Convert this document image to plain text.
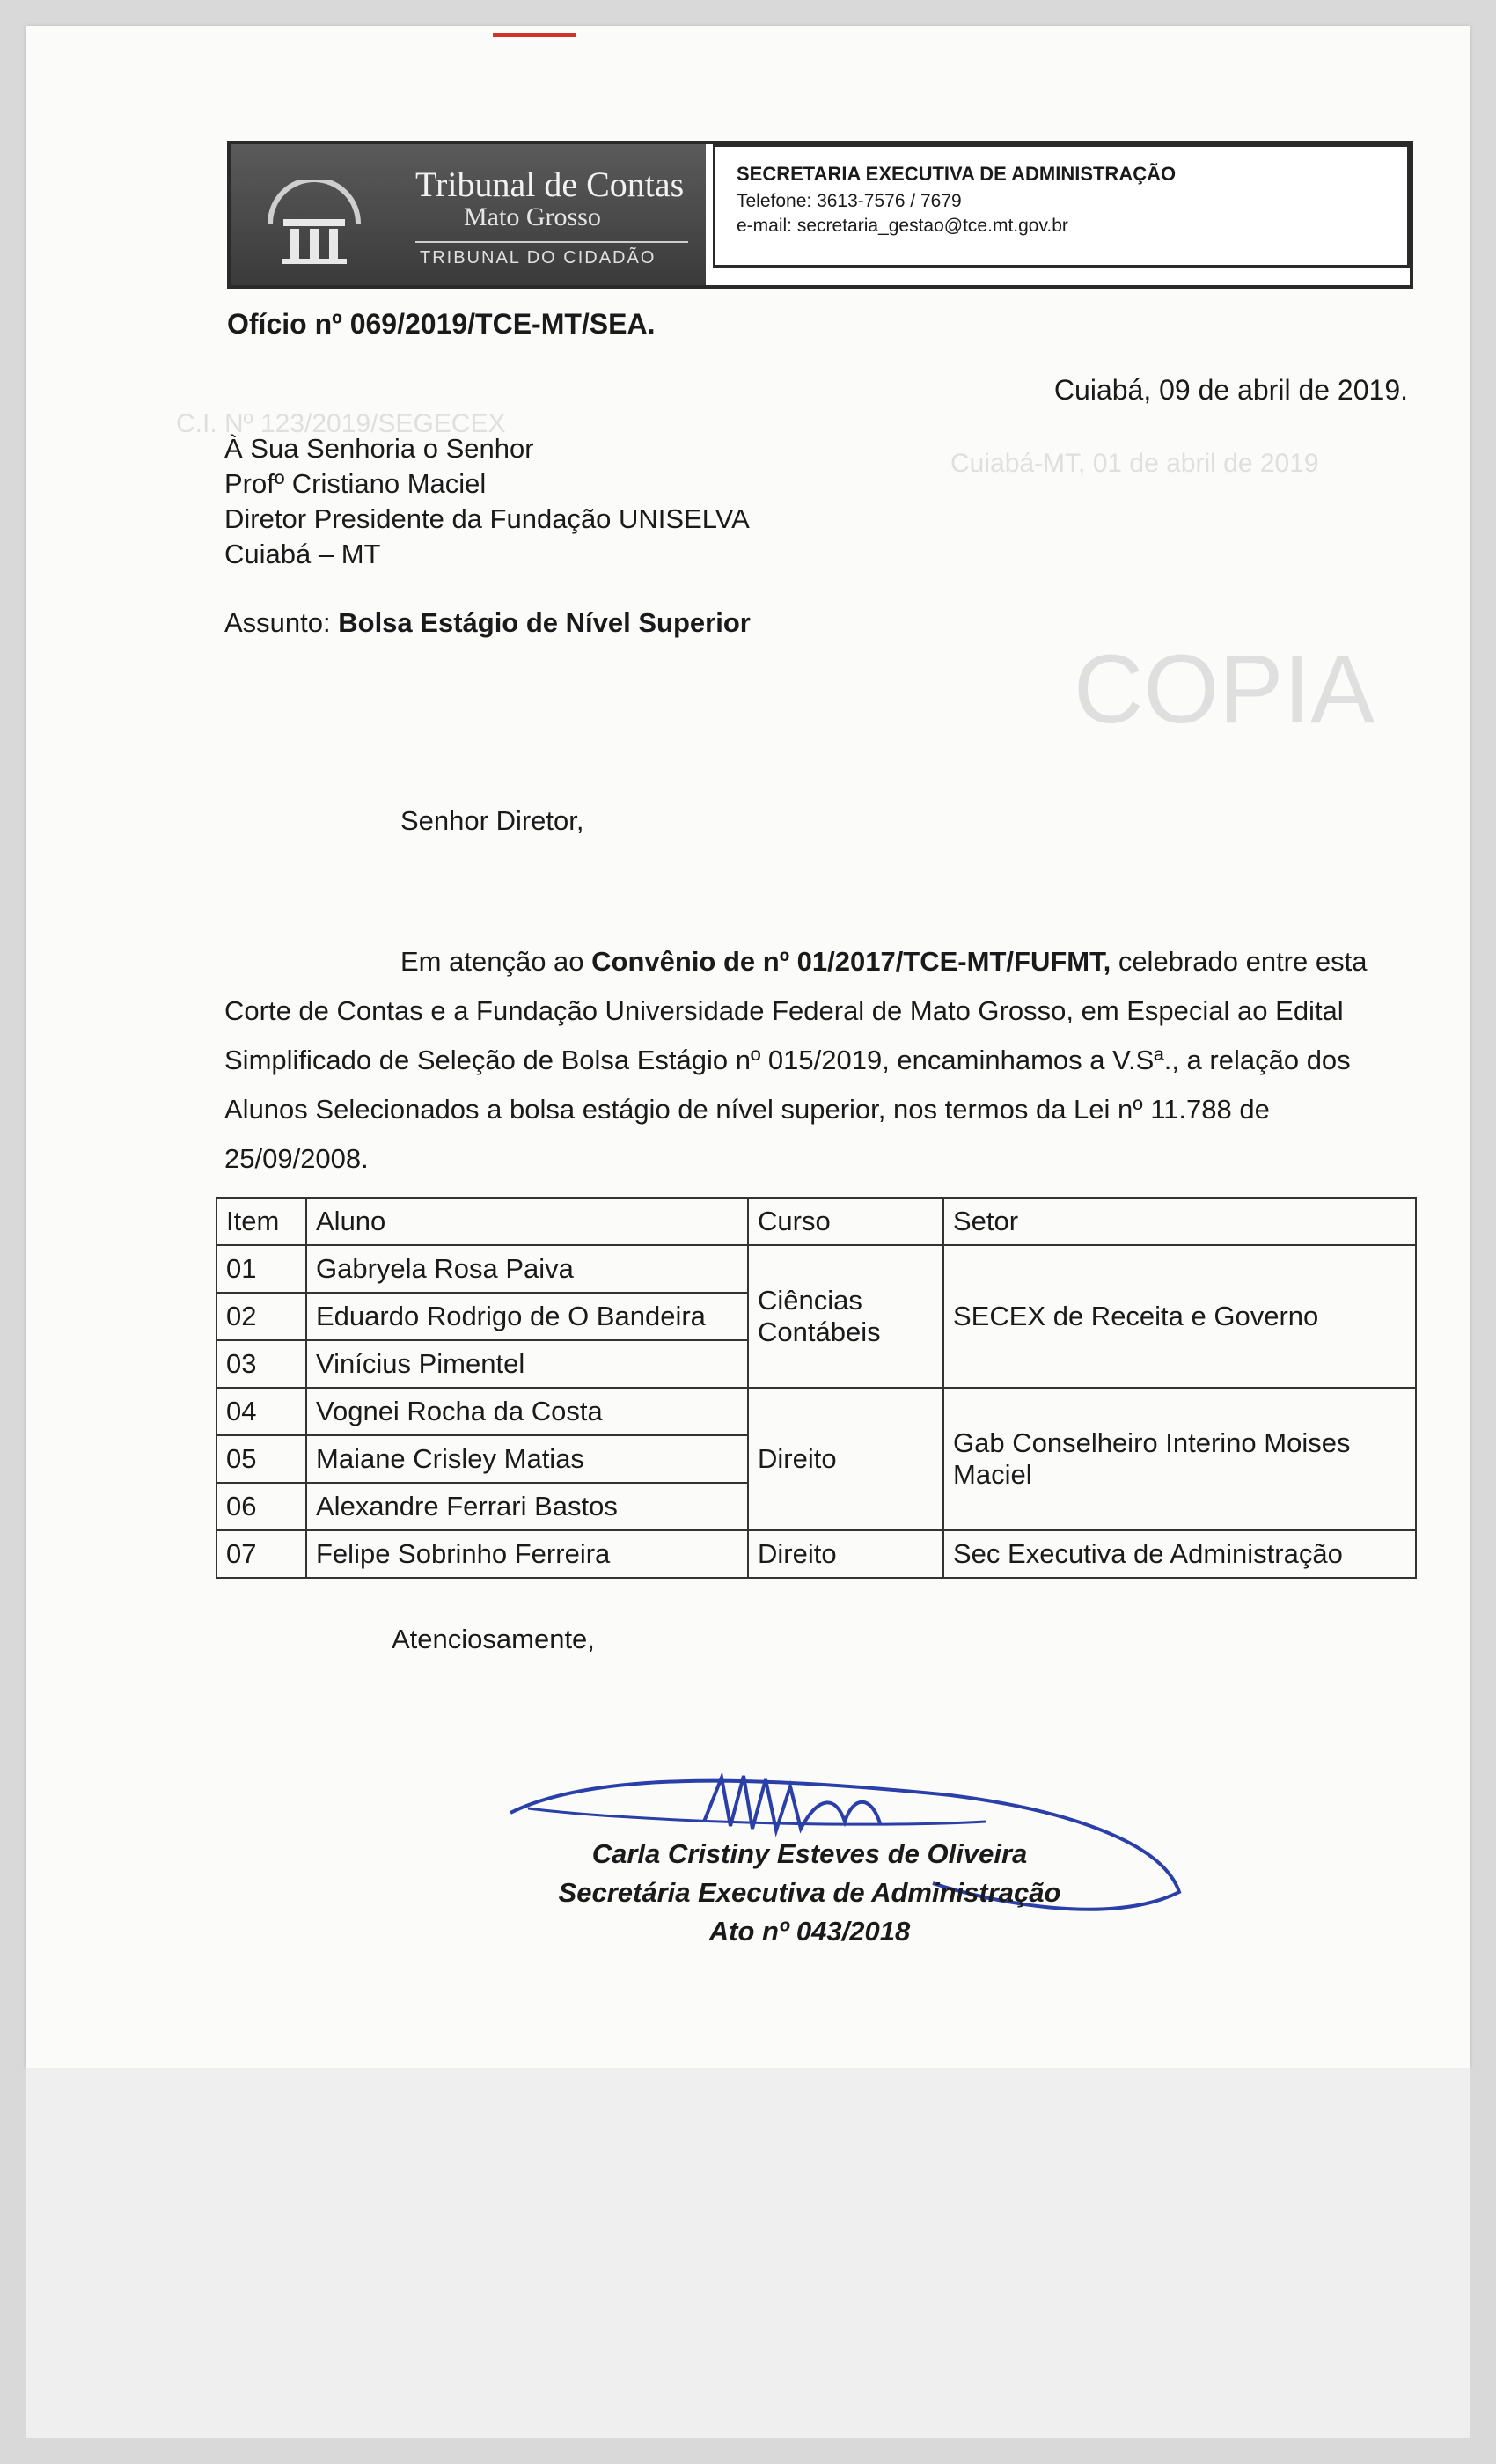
COPIA
C.I. Nº 123/2019/SEGECEX
Cuiabá-MT, 01 de abril de 2019
Tribunal de Contas
Mato Grosso
TRIBUNAL DO CIDADÃO
SECRETARIA EXECUTIVA DE ADMINISTRAÇÃO
Telefone: 3613-7576 / 7679
e-mail: secretaria_gestao@tce.mt.gov.br
Ofício nº 069/2019/TCE-MT/SEA.
Cuiabá, 09 de abril de 2019.
À Sua Senhoria o Senhor
Profº Cristiano Maciel
Diretor Presidente da Fundação UNISELVA
Cuiabá – MT
Assunto: Bolsa Estágio de Nível Superior
Senhor Diretor,
Em atenção ao Convênio de nº 01/2017/TCE-MT/FUFMT, celebrado entre esta Corte de Contas e a Fundação Universidade Federal de Mato Grosso, em Especial ao Edital Simplificado de Seleção de Bolsa Estágio nº 015/2019, encaminhamos a V.Sª., a relação dos Alunos Selecionados a bolsa estágio de nível superior, nos termos da Lei nº 11.788 de 25/09/2008.
Item	Aluno	Curso	Setor
01	Gabryela Rosa Paiva	Ciências Contábeis	SECEX de Receita e Governo
02	Eduardo Rodrigo de O Bandeira		
03	Vinícius Pimentel		
04	Vognei Rocha da Costa	Direito	Gab Conselheiro Interino Moises Maciel
05	Maiane Crisley Matias		
06	Alexandre Ferrari Bastos		
07	Felipe Sobrinho Ferreira	Direito	Sec Executiva de Administração
Atenciosamente,
Carla Cristiny Esteves de Oliveira
Secretária Executiva de Administração
Ato nº 043/2018
